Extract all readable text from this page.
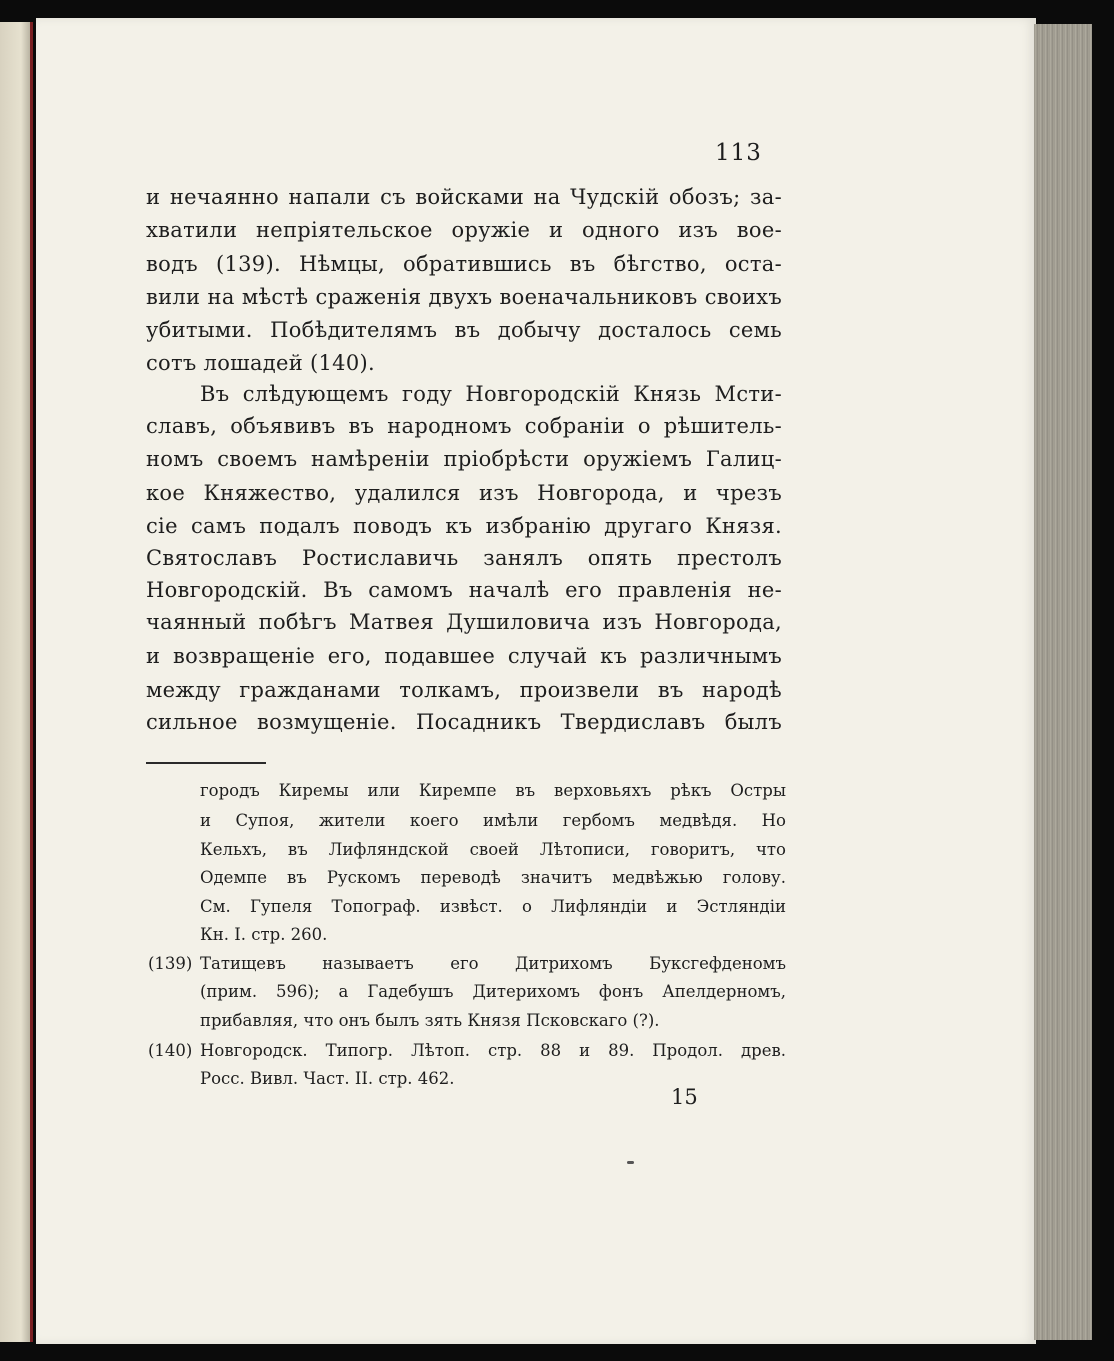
113
и нечаянно напали съ войсками на Чудскій обозъ; за-
хватили непріятельское оружіе и одного изъ вое-
водъ (139). Нѣмцы, обратившись въ бѣгство, оста-
вили на мѣстѣ сраженія двухъ военачальниковъ своихъ
убитыми. Побѣдителямъ въ добычу досталось семь
сотъ лошадей (140).
Въ слѣдующемъ году Новгородскій Князь Мсти-
славъ, объявивъ въ народномъ собраніи о рѣшитель-
номъ своемъ намѣреніи пріобрѣсти оружіемъ Галиц-
кое Княжество, удалился изъ Новгорода, и чрезъ
сіе самъ подалъ поводъ къ избранію другаго Князя.
Святославъ Ростиславичь занялъ опять престолъ
Новгородскій. Въ самомъ началѣ его правленія не-
чаянный побѣгъ Матвея Душиловича изъ Новгорода,
и возвращеніе его, подавшее случай къ различнымъ
между гражданами толкамъ, произвели въ народѣ
сильное возмущеніе. Посадникъ Твердиславъ былъ
городъ Киремы или Киремпе въ верховьяхъ рѣкъ Остры
и Супоя, жители коего имѣли гербомъ медвѣдя. Но
Кельхъ, въ Лифляндской своей Лѣтописи, говоритъ, что
Одемпе въ Рускомъ переводѣ значитъ медвѣжью голову.
См. Гупеля Топограф. извѣст. о Лифляндіи и Эстляндіи
Кн. I. стр. 260.
(139) Татищевъ называетъ его Дитрихомъ Буксгефденомъ
(прим. 596); а Гадебушъ Дитерихомъ фонъ Апелдерномъ,
прибавляя, что онъ былъ зять Князя Псковскаго (?).
(140) Новгородск. Типогр. Лѣтоп. стр. 88 и 89. Продол. древ.
Росс. Вивл. Част. II. стр. 462.
15
